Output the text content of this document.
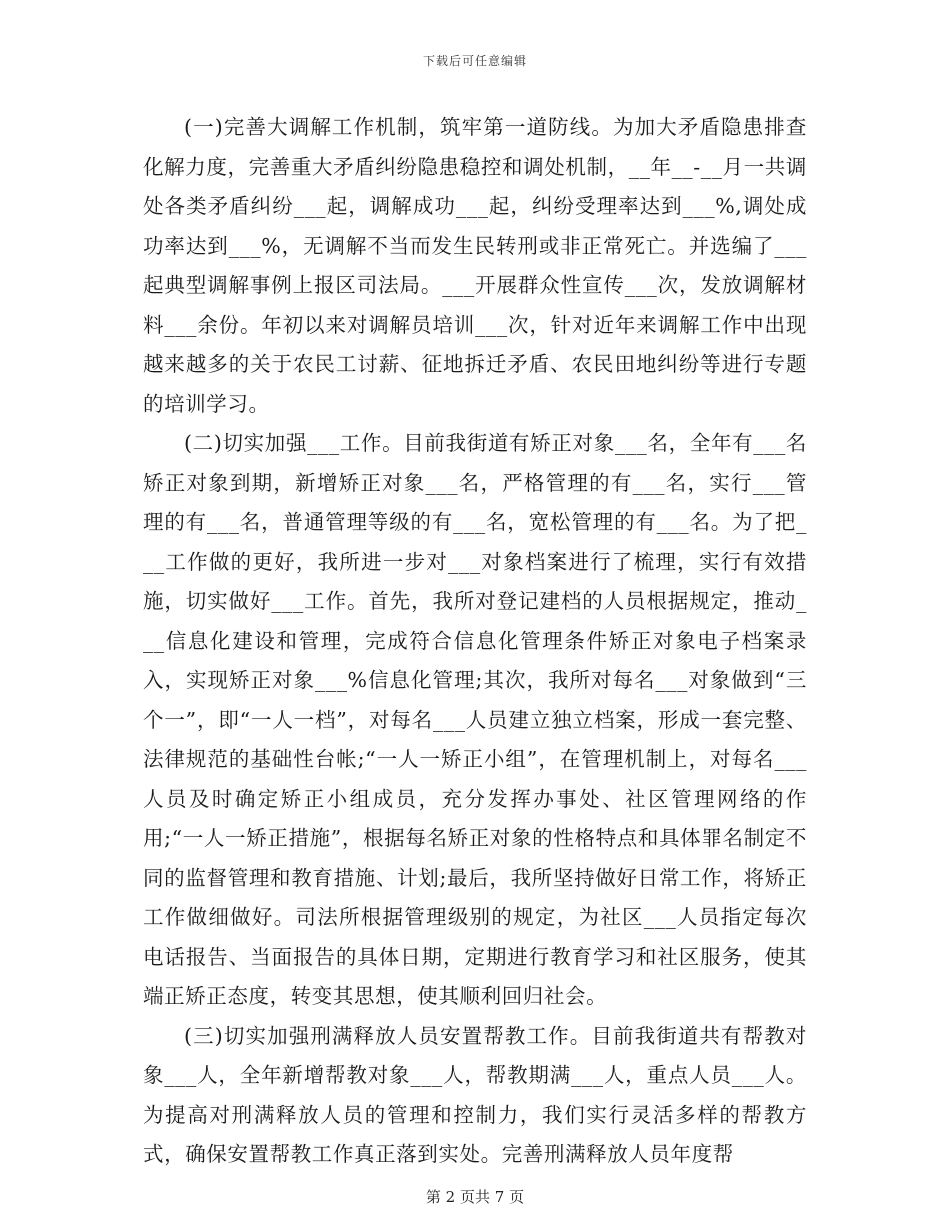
下载后可任意编辑

(一)完善大调解工作机制，筑牢第一道防线。为加大矛盾隐患排查化解力度，完善重大矛盾纠纷隐患稳控和调处机制，__年__-__月一共调处各类矛盾纠纷___起，调解成功___起，纠纷受理率达到___%,调处成功率达到___%，无调解不当而发生民转刑或非正常死亡。并选编了___起典型调解事例上报区司法局。___开展群众性宣传___次，发放调解材料___余份。年初以来对调解员培训___次，针对近年来调解工作中出现越来越多的关于农民工讨薪、征地拆迁矛盾、农民田地纠纷等进行专题的培训学习。

(二)切实加强___工作。目前我街道有矫正对象___名，全年有___名矫正对象到期，新增矫正对象___名，严格管理的有___名，实行___管理的有___名，普通管理等级的有___名，宽松管理的有___名。为了把___工作做的更好，我所进一步对___对象档案进行了梳理，实行有效措施，切实做好___工作。首先，我所对登记建档的人员根据规定，推动___信息化建设和管理，完成符合信息化管理条件矫正对象电子档案录入，实现矫正对象___%信息化管理;其次，我所对每名___对象做到“三个一”，即“一人一档”，对每名___人员建立独立档案，形成一套完整、法律规范的基础性台帐;“一人一矫正小组”，在管理机制上，对每名___人员及时确定矫正小组成员，充分发挥办事处、社区管理网络的作用;“一人一矫正措施”，根据每名矫正对象的性格特点和具体罪名制定不同的监督管理和教育措施、计划;最后，我所坚持做好日常工作，将矫正工作做细做好。司法所根据管理级别的规定，为社区___人员指定每次电话报告、当面报告的具体日期，定期进行教育学习和社区服务，使其端正矫正态度，转变其思想，使其顺利回归社会。

(三)切实加强刑满释放人员安置帮教工作。目前我街道共有帮教对象___人，全年新增帮教对象___人，帮教期满___人，重点人员___人。为提高对刑满释放人员的管理和控制力，我们实行灵活多样的帮教方式，确保安置帮教工作真正落到实处。完善刑满释放人员年度帮

第 2 页共 7 页
